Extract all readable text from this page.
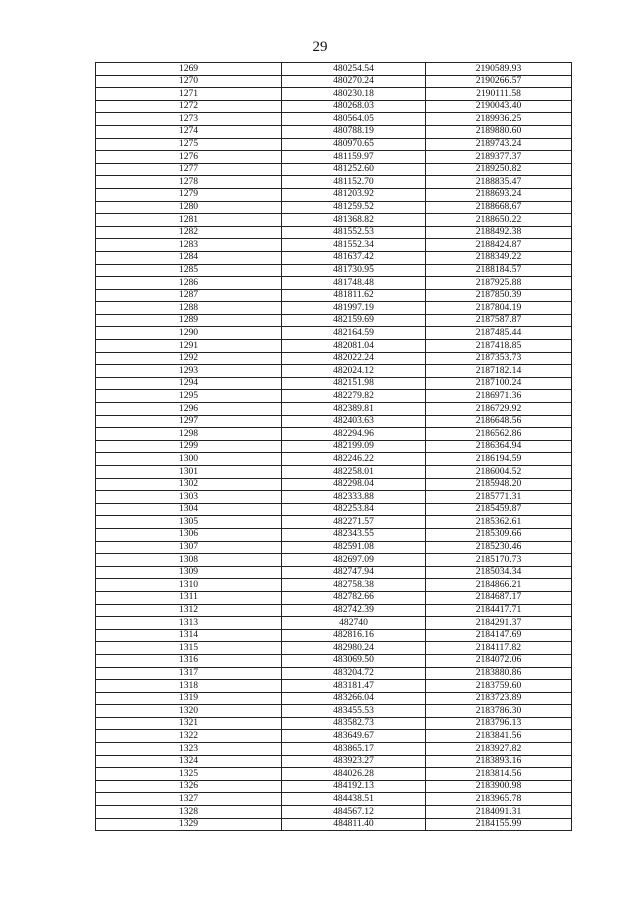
29
1269	480254.54	2190589.93
1270	480270.24	2190266.57
1271	480230.18	2190111.58
1272	480268.03	2190043.40
1273	480564.05	2189936.25
1274	480788.19	2189880.60
1275	480970.65	2189743.24
1276	481159.97	2189377.37
1277	481252.60	2189250.82
1278	481152.70	2188835.47
1279	481203.92	2188693.24
1280	481259.52	2188668.67
1281	481368.82	2188650.22
1282	481552.53	2188492.38
1283	481552.34	2188424.87
1284	481637.42	2188349.22
1285	481730.95	2188184.57
1286	481748.48	2187925.88
1287	481811.62	2187850.39
1288	481997.19	2187804.19
1289	482159.69	2187587.87
1290	482164.59	2187485.44
1291	482081.04	2187418.85
1292	482022.24	2187353.73
1293	482024.12	2187182.14
1294	482151.98	2187100.24
1295	482279.82	2186971.36
1296	482389.81	2186729.92
1297	482403.63	2186648.56
1298	482294.96	2186562.86
1299	482199.09	2186364.94
1300	482246.22	2186194.59
1301	482258.01	2186004.52
1302	482298.04	2185948.20
1303	482333.88	2185771.31
1304	482253.84	2185459.87
1305	482271.57	2185362.61
1306	482343.55	2185309.66
1307	482591.08	2185230.46
1308	482697.09	2185170.73
1309	482747.94	2185034.34
1310	482758.38	2184866.21
1311	482782.66	2184687.17
1312	482742.39	2184417.71
1313	482740	2184291.37
1314	482816.16	2184147.69
1315	482980.24	2184117.82
1316	483069.50	2184072.06
1317	483204.72	2183880.86
1318	483181.47	2183759.60
1319	483266.04	2183723.89
1320	483455.53	2183786.30
1321	483582.73	2183796.13
1322	483649.67	2183841.56
1323	483865.17	2183927.82
1324	483923.27	2183893.16
1325	484026.28	2183814.56
1326	484192.13	2183900.98
1327	484438.51	2183965.78
1328	484567.12	2184091.31
1329	484811.40	2184155.99
